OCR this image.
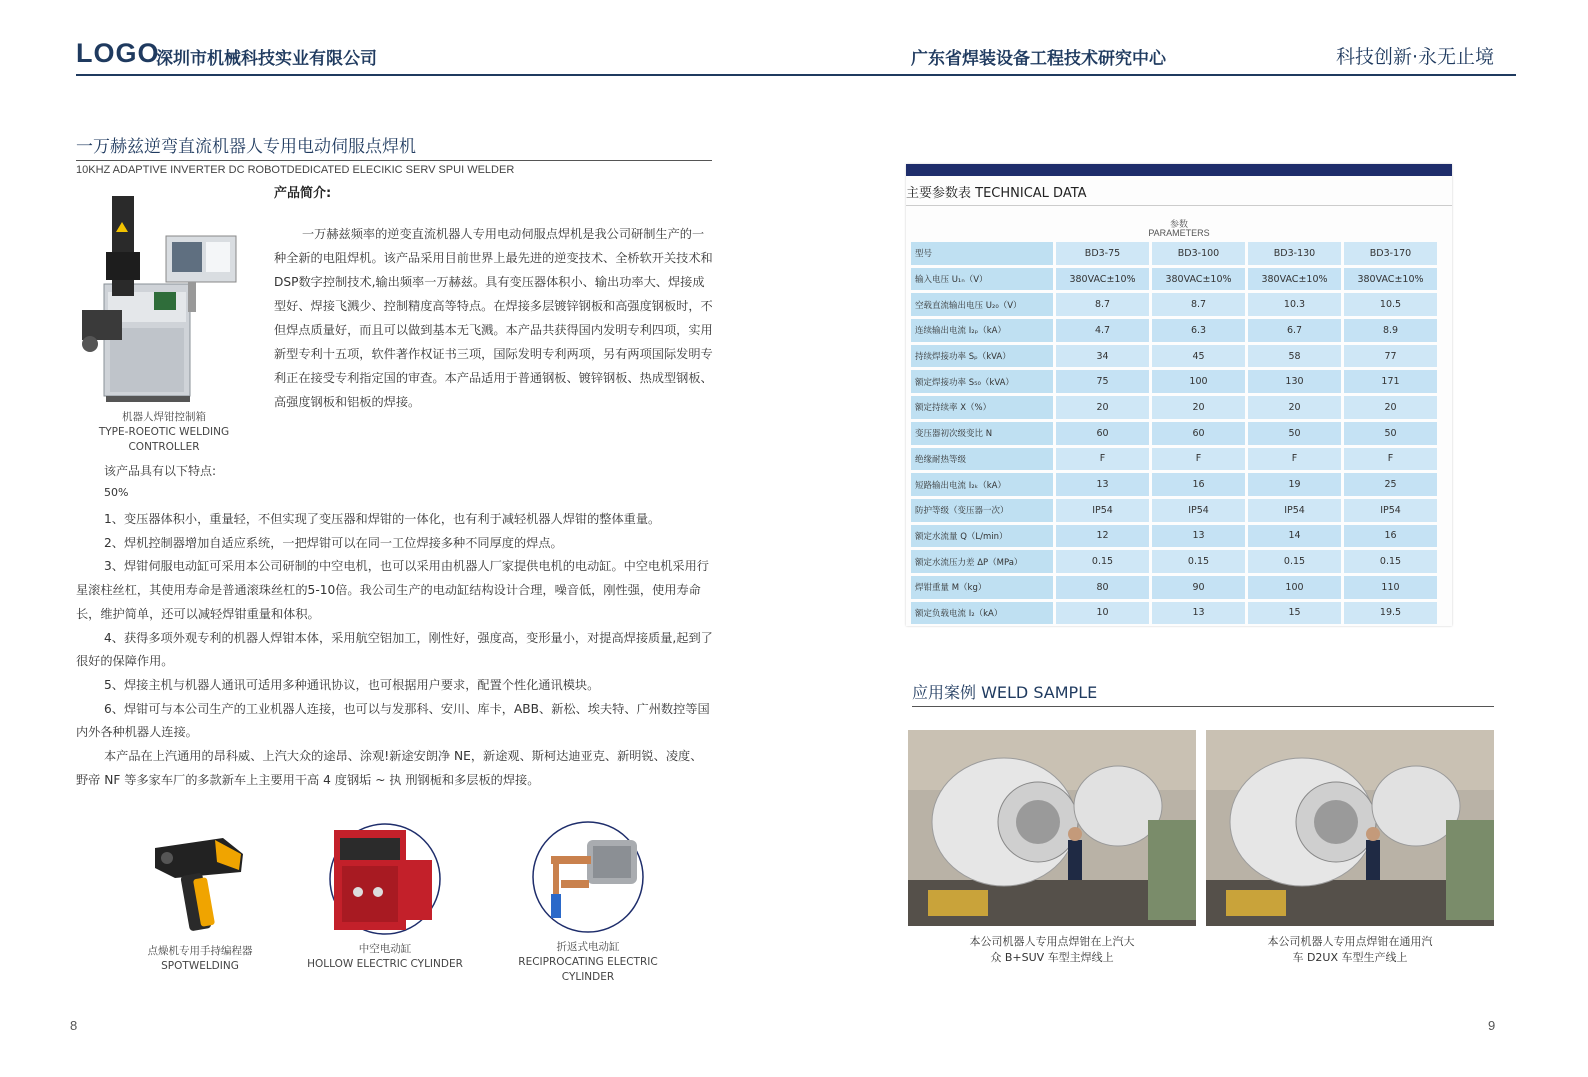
LOGO
深圳市机械科技实业有限公司	广东省焊装设备工程技术研究中心	科技创新·永无止境
一万赫兹逆弯直流机器人专用电动伺服点焊机
10KHZ ADAPTIVE INVERTER DC ROBOTDEDICATED ELECIKIC SERV SPUI WELDER
产品简介:
一万赫兹频率的逆变直流机器人专用电动伺服点焊机是我公司研制生产的一种全新的电阻焊机。该产品采用目前世界上最先进的逆变技术、全桥软开关技术和DSP数字控制技术,输出频率一万赫兹。具有变压器体积小、输出功率大、焊接成型好、焊接飞溅少、控制精度高等特点。在焊接多层镀锌钢板和高强度钢板时，不但焊点质量好，而且可以做到基本无飞溅。本产品共获得国内发明专利四项，实用新型专利十五项，软件著作权证书三项，国际发明专利两项，另有两项国际发明专利正在接受专利指定国的审查。本产品适用于普通钢板、镀锌钢板、热成型钢板、高强度钢板和铝板的焊接。
机器人焊钳控制箱
TYPE-ROEOTIC WELDING
CONTROLLER
该产品具有以下特点:
50%

1、变压器体积小，重量轻，不但实现了变压器和焊钳的一体化，也有利于减轻机器人焊钳的整体重量。

2、焊机控制器增加自适应系统，一把焊钳可以在同一工位焊接多种不同厚度的焊点。

3、焊钳伺服电动缸可采用本公司研制的中空电机，也可以采用由机器人厂家提供电机的电动缸。中空电机采用行星滚柱丝杠，其使用寿命是普通滚珠丝杠的5-10倍。我公司生产的电动缸结构设计合理，噪音低，刚性强，使用寿命长，维护简单，还可以减轻焊钳重量和体积。

4、获得多项外观专利的机器人焊钳本体，采用航空铝加工，刚性好，强度高，变形量小，对提高焊接质量,起到了很好的保障作用。

5、焊接主机与机器人通讯可适用多种通讯协议，也可根据用户要求，配置个性化通讯模块。

6、焊钳可与本公司生产的工业机器人连接，也可以与发那科、安川、库卡，ABB、新松、埃夫特、广州数控等国内外各种机器人连接。

本产品在上汽通用的昂科威、上汽大众的途昂、涂观!新途安朗净 NE，新途观、斯柯达迪亚克、新明锐、凌度、野帝 NF 等多家车厂的多款新车上主要用干高 4 度钢垢 ~ 执 刑钢栀和多层板的焊接。

点燥机专用手持编程器
SPOTWELDING
中空电动缸
HOLLOW ELECTRIC CYLINDER
折返式电动缸
RECIPROCATING ELECTRIC
CYLINDER
8
主要参数表 TECHNICAL DATA
参数
PARAMETERS
型号	BD3-75	BD3-100	BD3-130	BD3-170
输入电压 U₁ₙ（V）	380VAC±10%	380VAC±10%	380VAC±10%	380VAC±10%
空载直流输出电压 U₂₀（V）	8.7	8.7	10.3	10.5
连续输出电流 I₂ₚ（kA）	4.7	6.3	6.7	8.9
持续焊接功率 Sₚ（kVA）	34	45	58	77
额定焊接功率 S₅₀（kVA）	75	100	130	171
额定持续率 X（%）	20	20	20	20
变压器初次级变比 N	60	60	50	50
绝缘耐热等级	F	F	F	F
短路输出电流 I₂ₖ（kA）	13	16	19	25
防护等级（变压器一次）	IP54	IP54	IP54	IP54
额定水流量 Q（L/min）	12	13	14	16
额定水流压力差 ΔP（MPa）	0.15	0.15	0.15	0.15
焊钳重量 M（kg）	80	90	100	110
额定负载电流 I₂（kA）	10	13	15	19.5
应用案例 WELD SAMPLE
本公司机器人专用点焊钳在上汽大
众 B+SUV 车型主焊线上
本公司机器人专用点焊钳在通用汽
车 D2UX 车型生产线上
9
